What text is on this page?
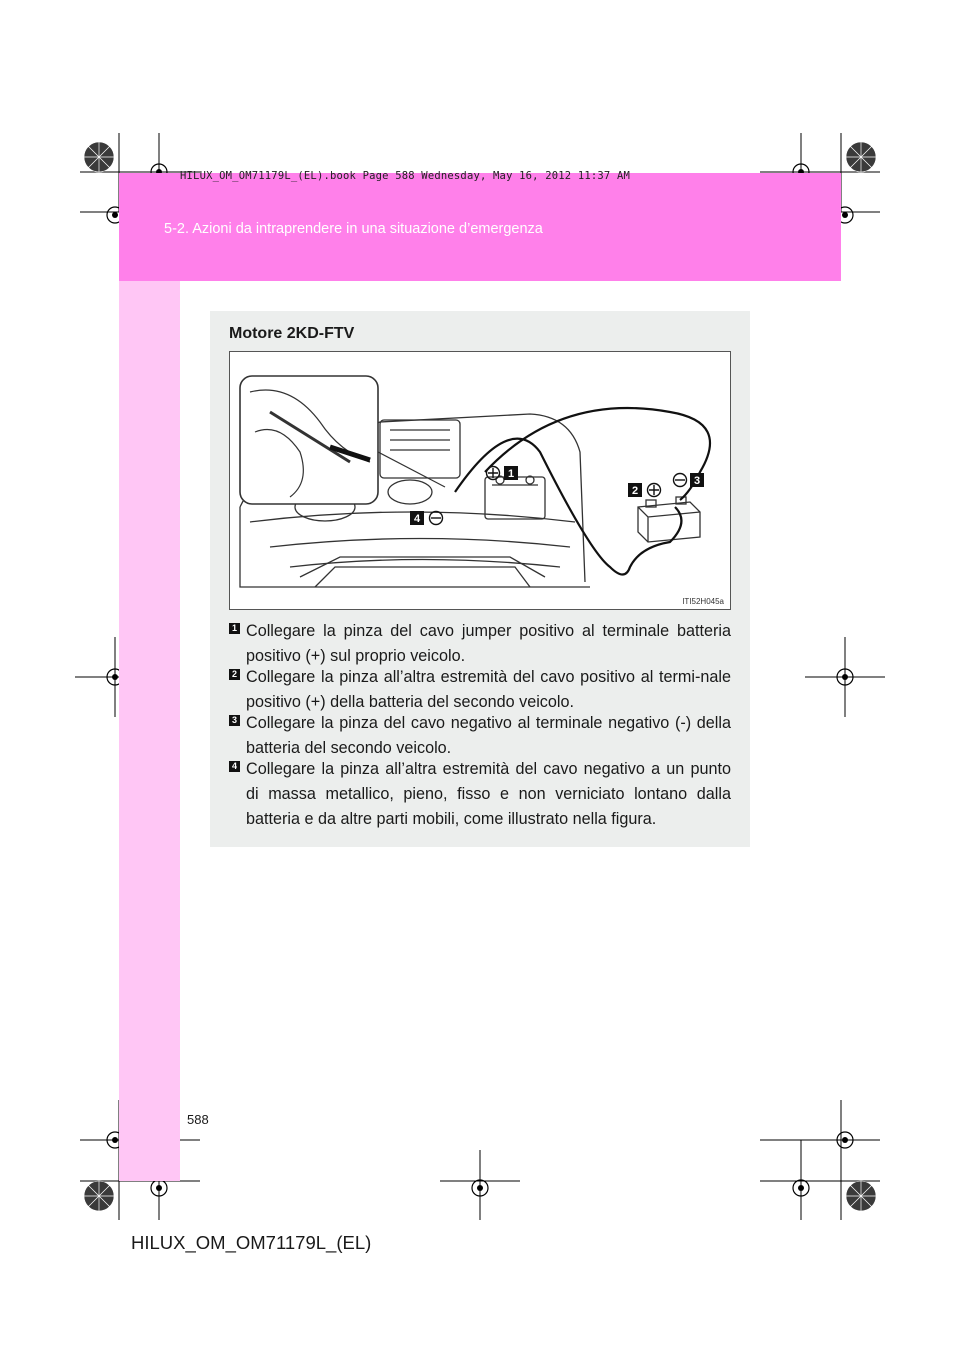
HILUX_OM_OM71179L_(EL).book Page 588 Wednesday, May 16, 2012 11:37 AM
5-2. Azioni da intraprendere in una situazione d’emergenza
Motore 2KD-FTV
1
2
3
4
ITI52H045a
1 Collegare la pinza del cavo jumper positivo al terminale batteria positivo (+) sul proprio veicolo.
2 Collegare la pinza all’altra estremità del cavo positivo al termi-nale positivo (+) della batteria del secondo veicolo.
3 Collegare la pinza del cavo negativo al terminale negativo (-) della batteria del secondo veicolo.
4 Collegare la pinza all’altra estremità del cavo negativo a un punto di massa metallico, pieno, fisso e non verniciato lontano dalla batteria e da altre parti mobili, come illustrato nella figura.
588
HILUX_OM_OM71179L_(EL)
